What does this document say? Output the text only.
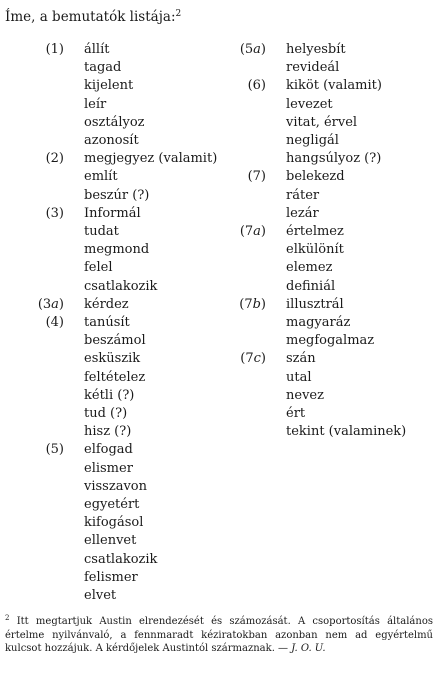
Íme, a bemutatók listája:$^2$
(1) állít
tagad
kijelent
leír
osztályoz
azonosít
(2) megjegyez (valamit)
említ
beszúr (?)
(3) Informál
tudat
megmond
felel
csatlakozik
(3a) kérdez
(4) tanúsít
beszámol
esküszik
feltételez
kétli (?)
tud (?)
hisz (?)
(5) elfogad
elismer
visszavon
egyetért
kifogásol
ellenvet
csatlakozik
felismer
elvet
(5a) helyesbít
revideál
(6) kiköt (valamit)
levezet
vitat, érvel
negligál
hangsúlyoz (?)
(7) belekezd
ráter
lezár
(7a) értelmez
elkülönít
elemez
definiál
(7b) illusztrál
magyaráz
megfogalmaz
(7c) szán
utal
nevez
ért
tekint (valaminek)
$^2$ Itt megtartjuk Austin elrendezését és számozását. A csoportosítás általános értelme nyilvánvaló, a fennmaradt kéziratokban azonban nem ad egyértelmű kulcsot hozzájuk. A kérdőjelek Austintól származnak. — J. O. U.
